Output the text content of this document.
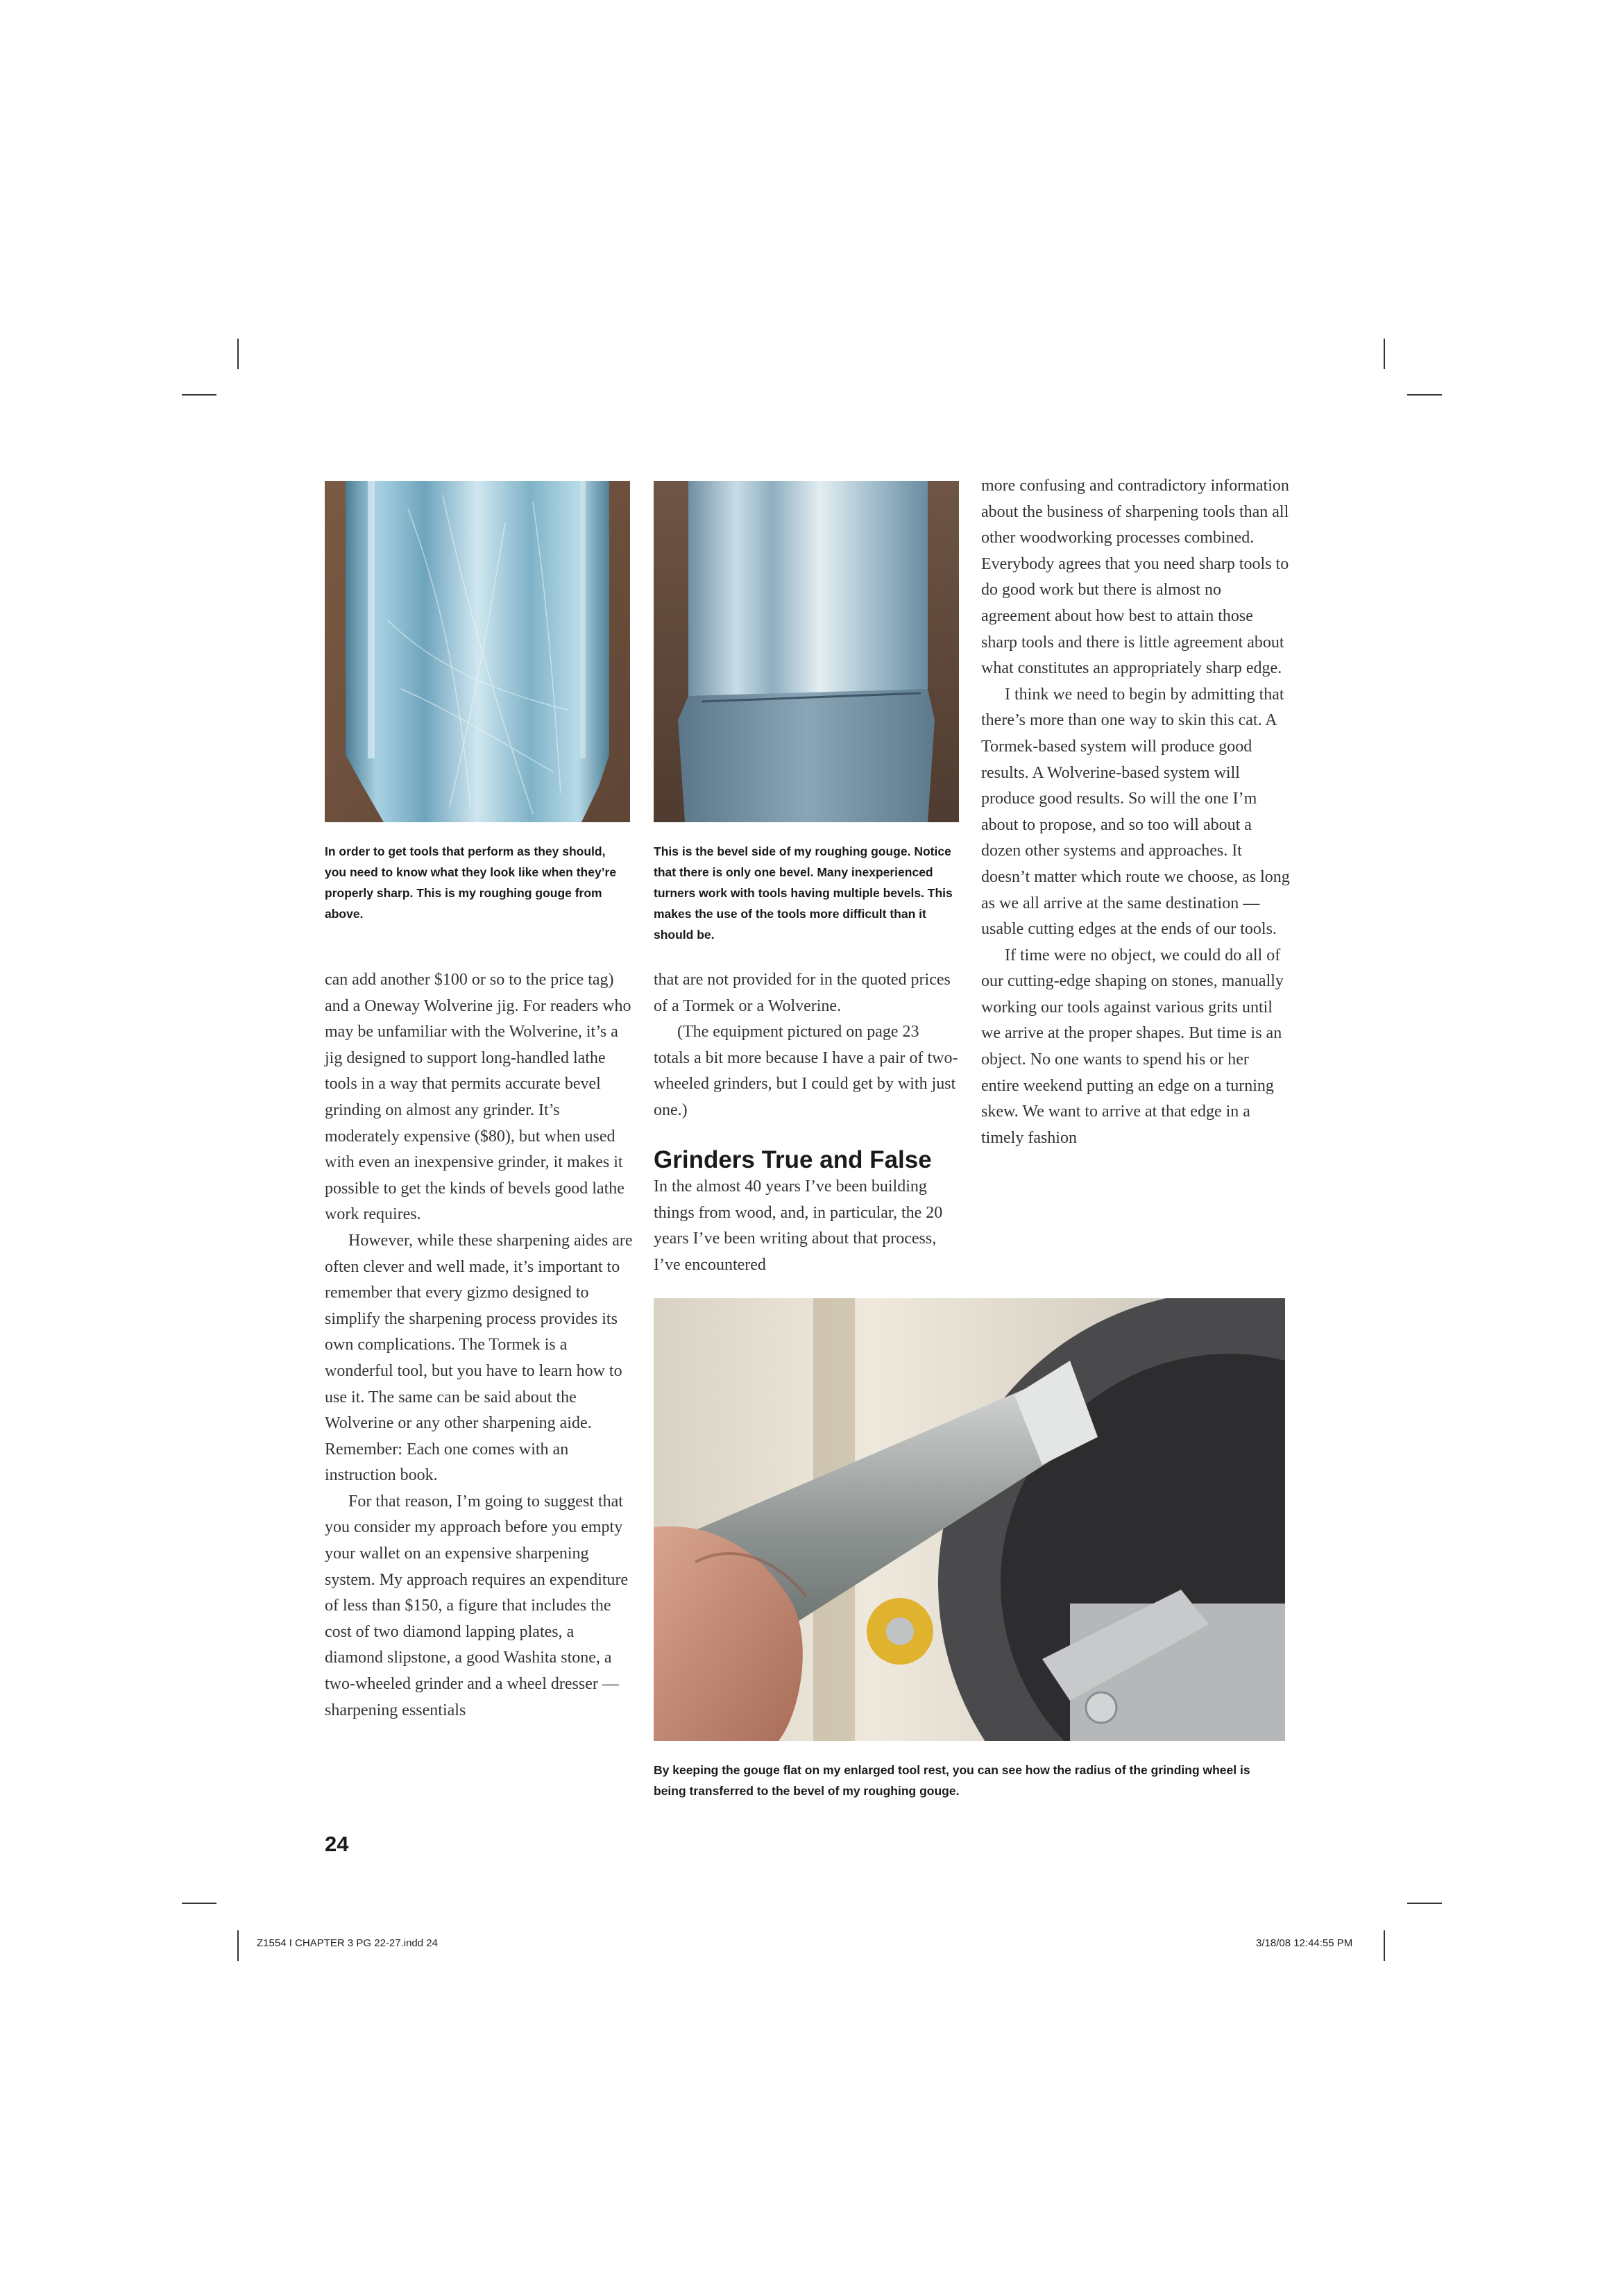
In order to get tools that perform as they should, you need to know what they look like when they’re properly sharp. This is my roughing gouge from above.

This is the bevel side of my roughing gouge. Notice that there is only one bevel. Many inexperienced turners work with tools having multiple bevels. This makes the use of the tools more difficult than it should be.

By keeping the gouge flat on my enlarged tool rest, you can see how the radius of the grinding wheel is being transferred to the bevel of my roughing gouge.

can add another $100 or so to the price tag) and a Oneway Wolverine jig. For readers who may be unfamiliar with the Wolverine, it’s a jig designed to support long-handled lathe tools in a way that permits accurate bevel grinding on almost any grinder. It’s moderately expensive ($80), but when used with even an inexpensive grinder, it makes it possible to get the kinds of bevels good lathe work requires.

However, while these sharpening aides are often clever and well made, it’s important to remember that every gizmo designed to simplify the sharpening process provides its own complications. The Tormek is a wonderful tool, but you have to learn how to use it. The same can be said about the Wolverine or any other sharpening aide. Remember: Each one comes with an instruction book.

For that reason, I’m going to suggest that you consider my approach before you empty your wallet on an expensive sharpening system. My approach requires an expenditure of less than $150, a figure that includes the cost of two diamond lapping plates, a diamond slipstone, a good Washita stone, a two-wheeled grinder and a wheel dresser — sharpening essentials

that are not provided for in the quoted prices of a Tormek or a Wolverine.

(The equipment pictured on page 23 totals a bit more because I have a pair of two-wheeled grinders, but I could get by with just one.)

Grinders True and False

In the almost 40 years I’ve been building things from wood, and, in particular, the 20 years I’ve been writing about that process, I’ve encountered

more confusing and contradictory information about the business of sharpening tools than all other woodworking processes combined. Everybody agrees that you need sharp tools to do good work but there is almost no agreement about how best to attain those sharp tools and there is little agreement about what constitutes an appropriately sharp edge.

I think we need to begin by admitting that there’s more than one way to skin this cat. A Tormek-based system will produce good results. A Wolverine-based system will produce good results. So will the one I’m about to propose, and so too will about a dozen other systems and approaches. It doesn’t matter which route we choose, as long as we all arrive at the same destination — usable cutting edges at the ends of our tools.

If time were no object, we could do all of our cutting-edge shaping on stones, manually working our tools against various grits until we arrive at the proper shapes. But time is an object. No one wants to spend his or her entire weekend putting an edge on a turning skew. We want to arrive at that edge in a timely fashion

24

Z1554 I CHAPTER 3 PG 22-27.indd 24	3/18/08 12:44:55 PM
